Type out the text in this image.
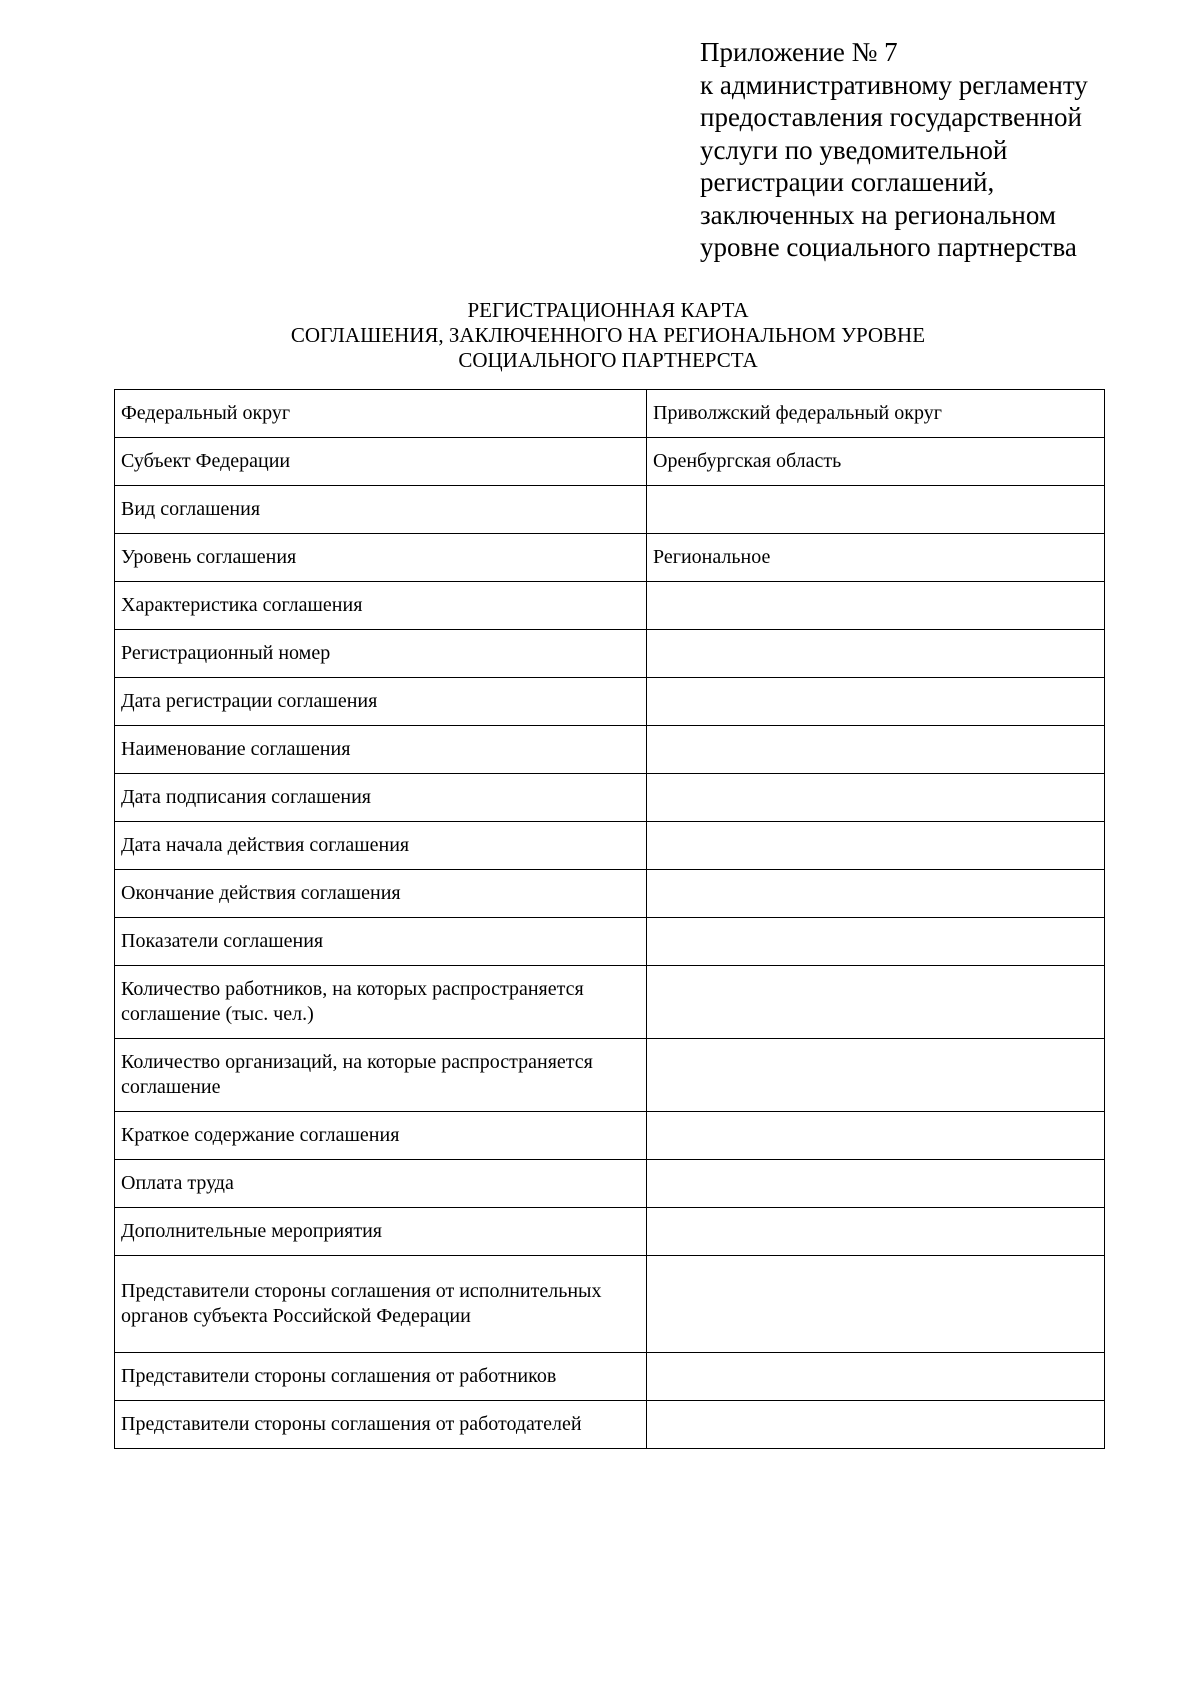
Приложение № 7
к административному регламенту
предоставления государственной
услуги по уведомительной
регистрации соглашений,
заключенных на региональном
уровне социального партнерства
РЕГИСТРАЦИОННАЯ КАРТА
СОГЛАШЕНИЯ, ЗАКЛЮЧЕННОГО НА РЕГИОНАЛЬНОМ УРОВНЕ
СОЦИАЛЬНОГО ПАРТНЕРСТА
Федеральный округ	Приволжский федеральный округ
Субъект Федерации	Оренбургская область
Вид соглашения	
Уровень соглашения	Региональное
Характеристика соглашения	
Регистрационный номер	
Дата регистрации соглашения	
Наименование соглашения	
Дата подписания соглашения	
Дата начала действия соглашения	
Окончание действия соглашения	
Показатели соглашения	
Количество работников, на которых распространяется соглашение (тыс. чел.)	
Количество организаций, на которые распространяется соглашение	
Краткое содержание соглашения	
Оплата труда	
Дополнительные мероприятия	
Представители стороны соглашения от исполнительных органов субъекта Российской Федерации	
Представители стороны соглашения от работников	
Представители стороны соглашения от работодателей	
